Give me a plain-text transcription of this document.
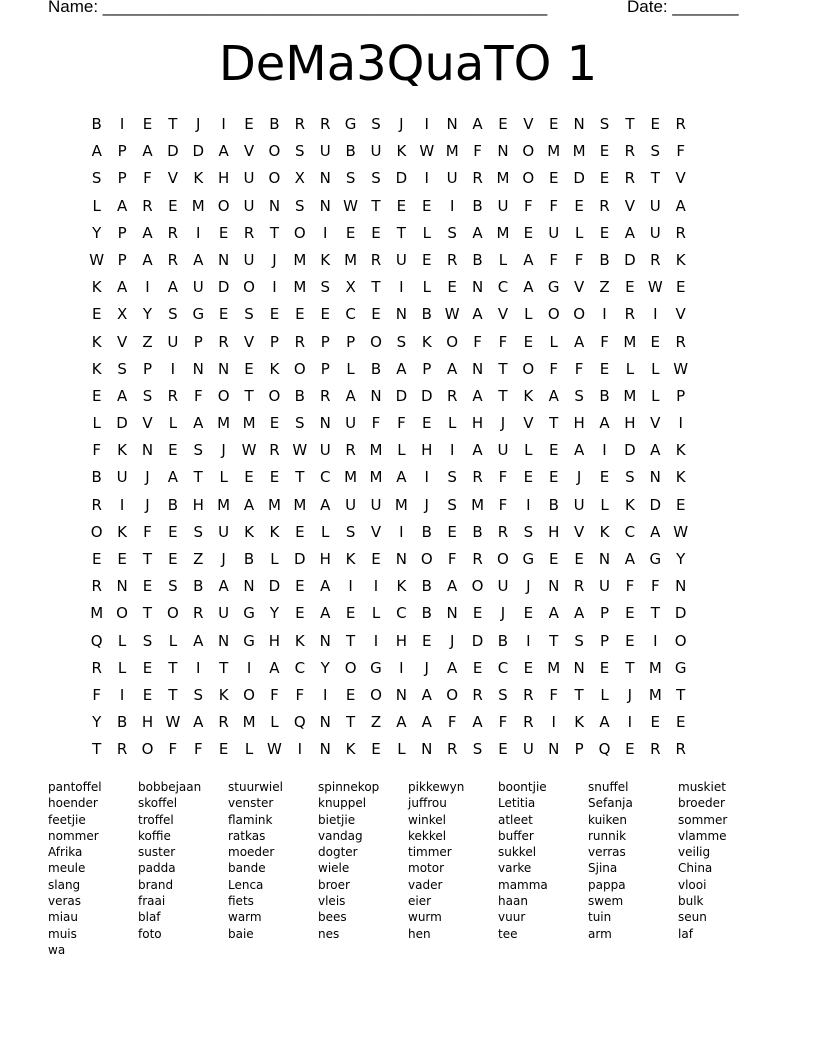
Name: _______________________________________________	Date: _______
DeMa3QuaTO 1
B	I	E	T	J	I	E	B	R R G S	J	I	N A	E	V	E	N	S	T	E	R
A	P	A D D A	V O S	U B U K W M F	N O M M E	R	S	F
S	P	F	V	K H U O X N	S	S D	I	U R M O E D E	R	T	V
L	A	R	E M O U N	S	N W T	E	E	I	B U	F	F	E	R	V U A
Y	P	A	R	I	E	R	T O	I	E	E	T	L	S	A M E	U	L	E	A U R
W P	A	R	A N U	J	M K M R U	E	R	B	L	A	F	F	B D R	K
K	A	I	A U D O	I	M S	X	T	I	L	E	N C	A G V	Z	E W E
E	X	Y	S G E	S	E	E	E	C	E	N B W A	V	L	O O	I	R	I	V
K	V	Z U	P	R	V	P	R	P	P O S	K O	F	F	E	L	A	F M E	R
K	S	P	I	N N	E	K O P	L	B	A	P	A N	T O	F	F	E	L	L W
E	A	S	R	F	O T O B	R	A N D D R	A	T	K	A	S	B M L	P
L	D V	L	A M M E	S	N U	F	F	E	L	H	J	V	T	H A H V	I
F	K N	E	S	J	W R W U R M L	H	I	A U	L	E	A	I	D A	K
B U	J	A	T	L	E	E	T	C M M A	I	S	R	F	E	E	J	E	S	N K
R	I	J	B H M A M M A U U M	J	S M F	I	B U	L	K D E
O K	F	E	S	U K	K	E	L	S	V	I	B	E	B	R	S H V	K	C	A W
E	E	T	E	Z	J	B	L	D H K	E	N O	F	R O G E	E	N A G	Y
R N	E	S	B	A N D E	A	I	I	K	B	A O U	J	N R U	F	F	N
M O T O R U G	Y	E	A	E	L	C	B N	E	J	E	A	A	P	E	T	D
Q	L	S	L	A N G H K N	T	I	H	E	J	D B	I	T	S	P	E	I	O
R	L	E	T	I	T	I	A	C	Y O G	I	J	A	E	C	E M N	E	T M G
F	I	E	T	S	K O	F	F	I	E O N A O R	S	R	F	T	L	J	M T
Y	B H W A	R M L	Q N	T	Z	A	A	F	A	F	R	I	K	A	I	E	E
T	R O	F	F	E	L W	I	N K	E	L	N R	S	E	U N	P Q E	R R
pantoffel	bobbejaan	stuurwiel	spinnekop	pikkewyn	boontjie	snuffel	muskiet
hoender	skoffel	venster	knuppel	juffrou	Letitia	Sefanja	broeder
feetjie	troffel	flamink	bietjie	winkel	atleet	kuiken	sommer
nommer	koffie	ratkas	vandag	kekkel	buffer	runnik	vlamme
Afrika	suster	moeder	dogter	timmer	sukkel	verras	veilig
meule	padda	bande	wiele	motor	varke	Sjina	China
slang	brand	Lenca	broer	vader	mamma	pappa	vlooi
veras	fraai	fiets	vleis	eier	haan	swem	bulk
miau	blaf	warm	bees	wurm	vuur	tuin	seun
muis	foto	baie	nes	hen	tee	arm	laf
wa
